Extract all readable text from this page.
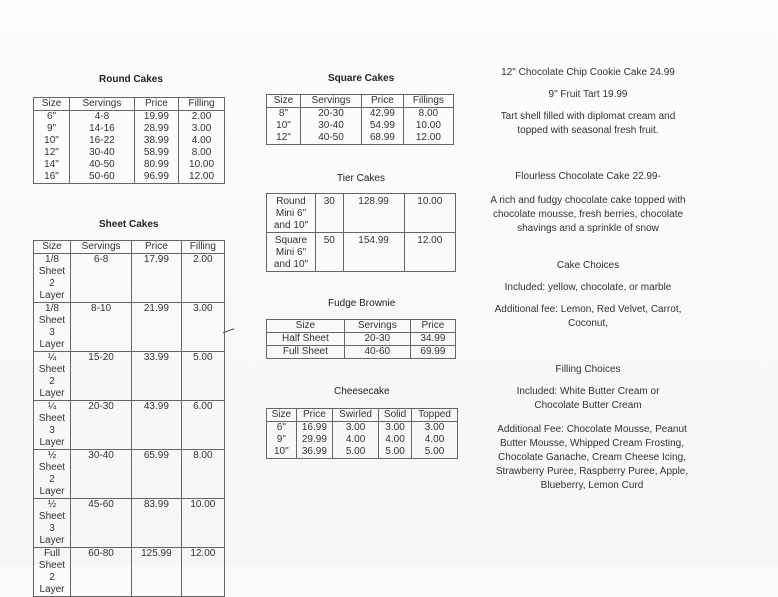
Round Cakes
Size	Servings	Price	Filling
6"	4-8	19.99	2.00
9"	14-16	28.99	3.00
10"	16-22	38.99	4.00
12"	30-40	58.99	8.00
14"	40-50	80.99	10.00
16"	50-60	96.99	12.00
Sheet Cakes
Size	Servings	Price	Filling
1/8 Sheet 2 Layer	6-8	17.99	2.00
1/8 Sheet 3 Layer	8-10	21.99	3.00
¼ Sheet 2 Layer	15-20	33.99	5.00
¼ Sheet 3 Layer	20-30	43.99	6.00
½ Sheet 2 Layer	30-40	65.99	8.00
½ Sheet 3 Layer	45-60	83.99	10.00
Full Sheet 2 Layer	60-80	125.99	12.00
Square Cakes
Size	Servings	Price	Fillings
8"	20-30	42.99	8.00
10"	30-40	54.99	10.00
12"	40-50	68.99	12.00
Tier Cakes
Round Mini 6" and 10"	30	128.99	10.00
Square Mini 6" and 10"	50	154.99	12.00
Fudge Brownie
Size	Servings	Price
Half Sheet	20-30	34.99
Full Sheet	40-60	69.99
Cheesecake
Size	Price	Swirled	Solid	Topped
6"	16.99	3.00	3.00	3.00
9"	29.99	4.00	4.00	4.00
10"	36.99	5.00	5.00	5.00
12" Chocolate Chip Cookie Cake 24.99
9" Fruit Tart 19.99
Tart shell filled with diplomat cream and topped with seasonal fresh fruit.
Flourless Chocolate Cake 22.99-
A rich and fudgy chocolate cake topped with chocolate mousse, fresh berries, chocolate shavings and a sprinkle of snow
Cake Choices
Included: yellow, chocolate, or marble
Additional fee: Lemon, Red Velvet, Carrot, Coconut,
Filling Choices
Included: White Butter Cream or Chocolate Butter Cream
Additional Fee: Chocolate Mousse, Peanut Butter Mousse, Whipped Cream Frosting, Chocolate Ganache, Cream Cheese Icing, Strawberry Puree, Raspberry Puree, Apple, Blueberry, Lemon Curd
